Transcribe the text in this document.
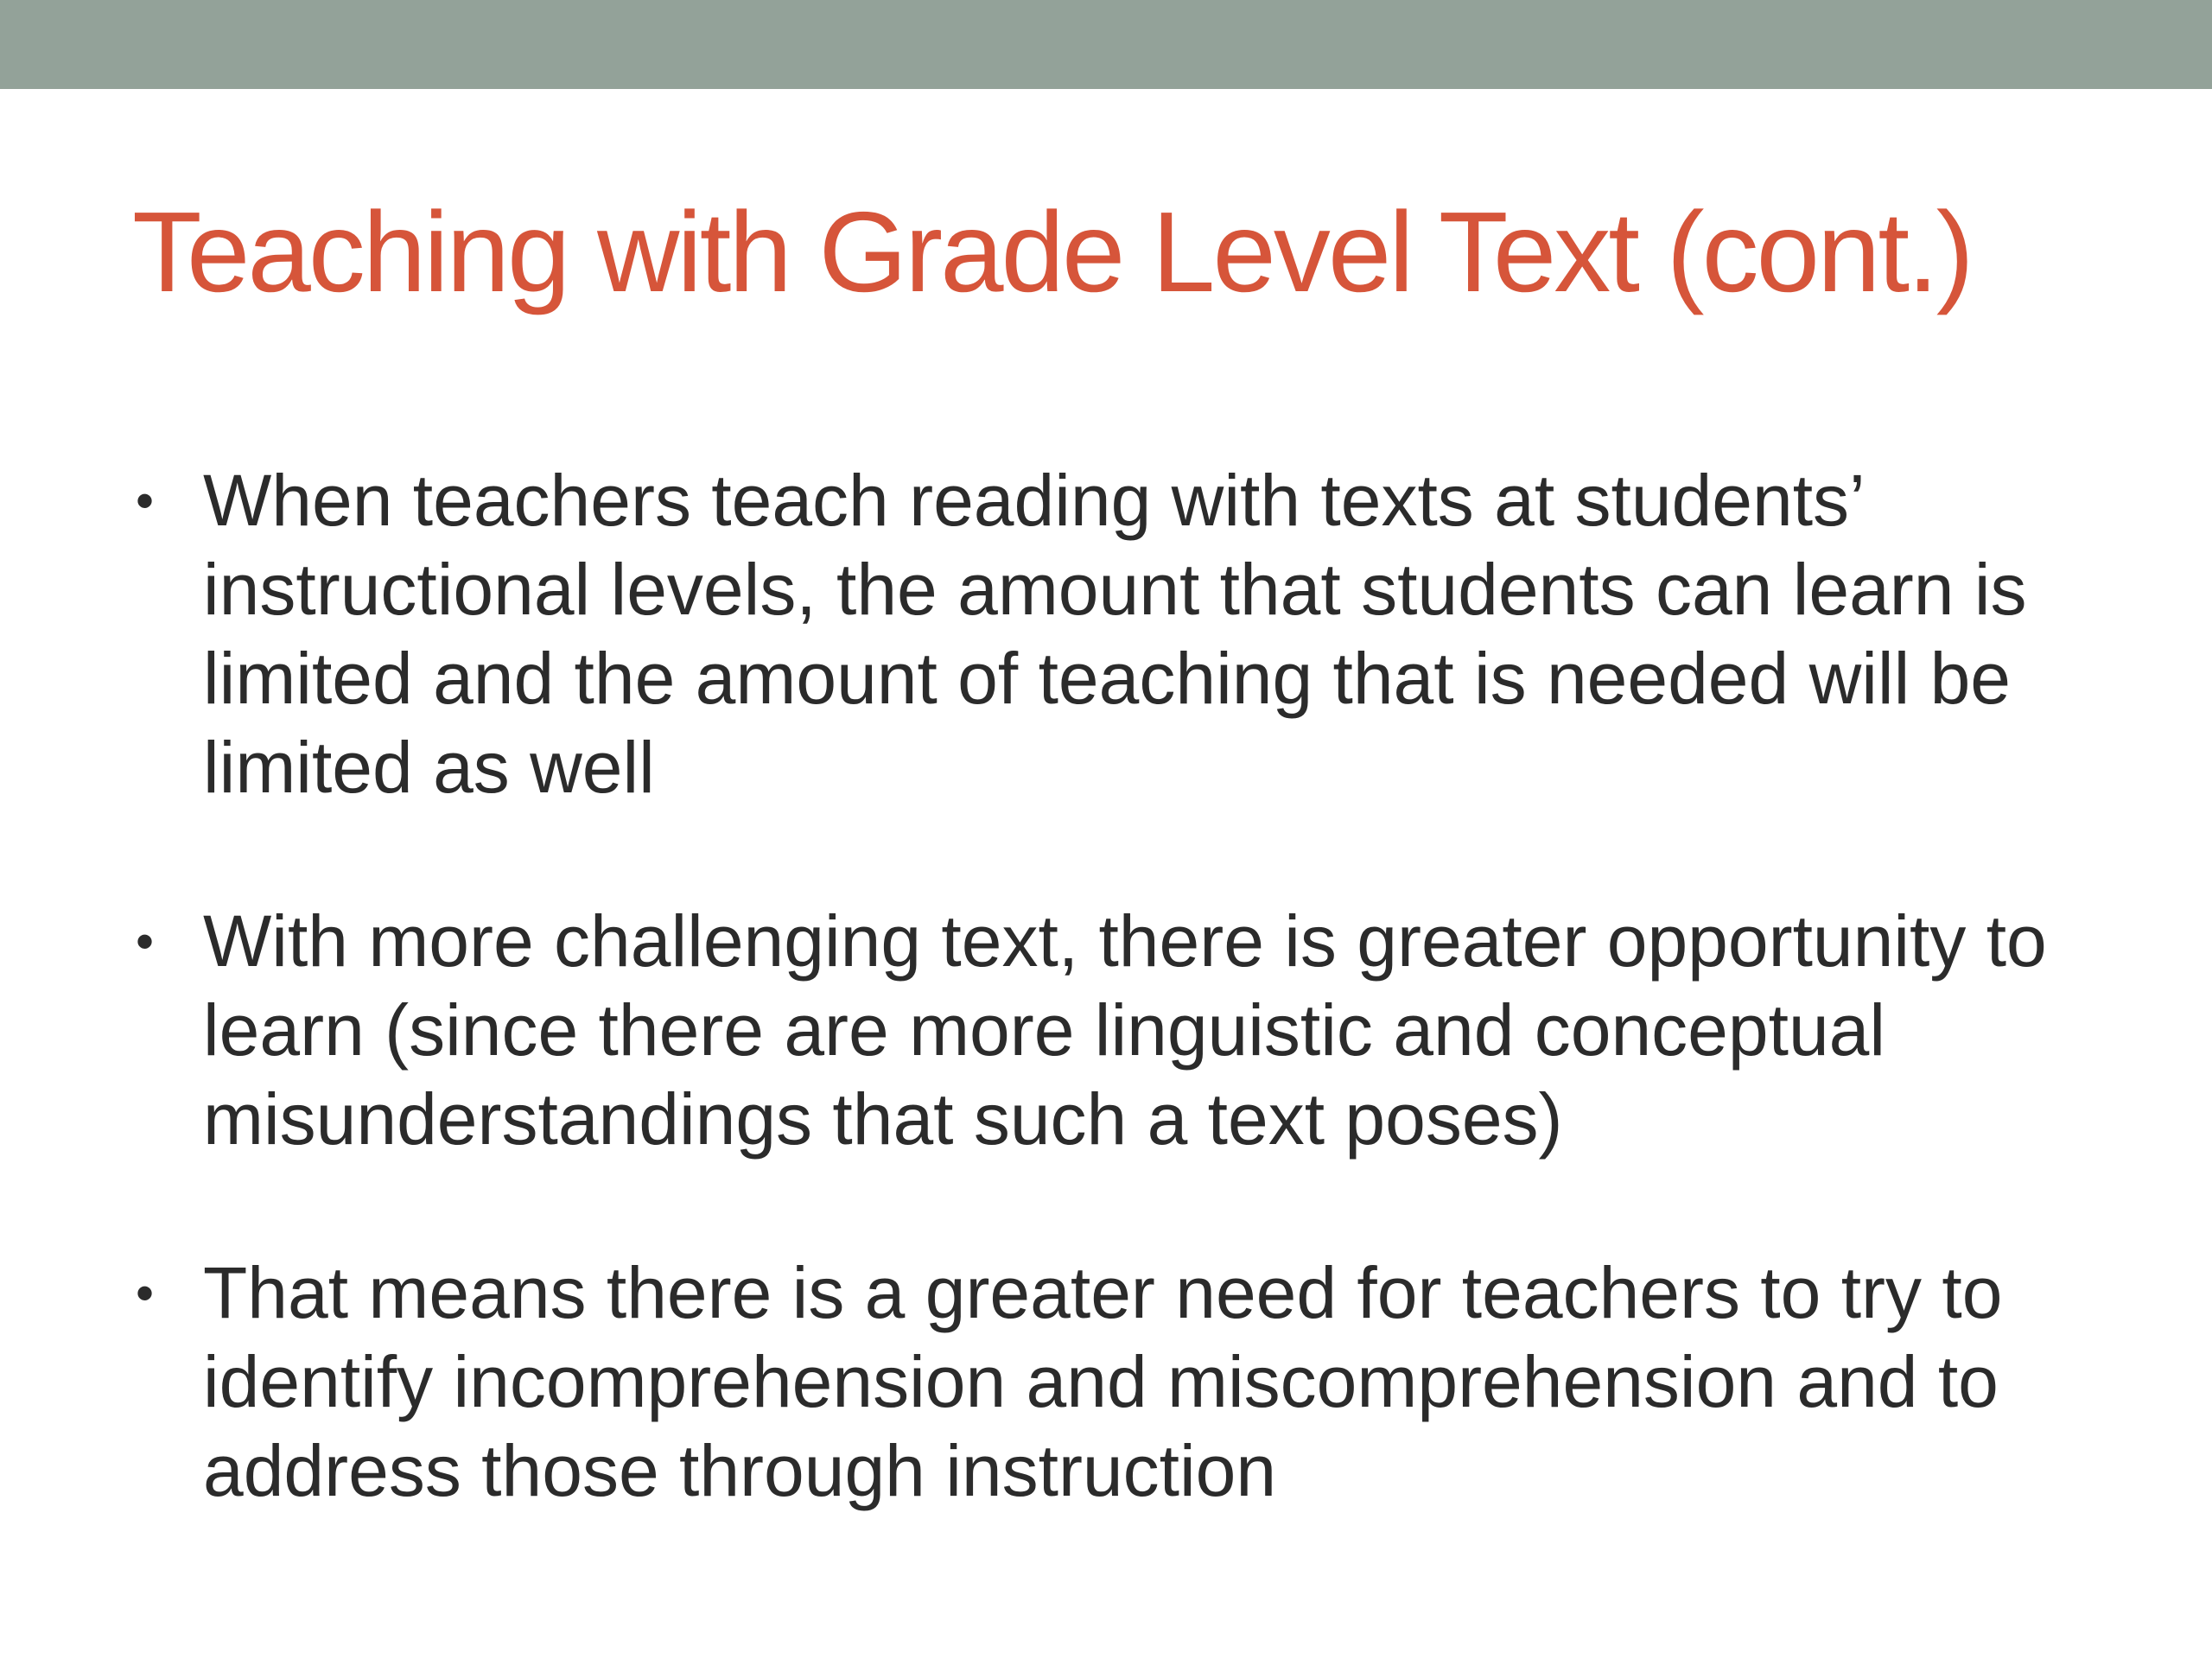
Teaching with Grade Level Text (cont.)
• When teachers teach reading with texts at students’ instructional levels, the amount that students can learn is limited and the amount of teaching that is needed will be limited as well
• With more challenging text, there is greater opportunity to learn (since there are more linguistic and conceptual misunderstandings that such a text poses)
• That means there is a greater need for teachers to try to identify incomprehension and miscomprehension and to address those through instruction
